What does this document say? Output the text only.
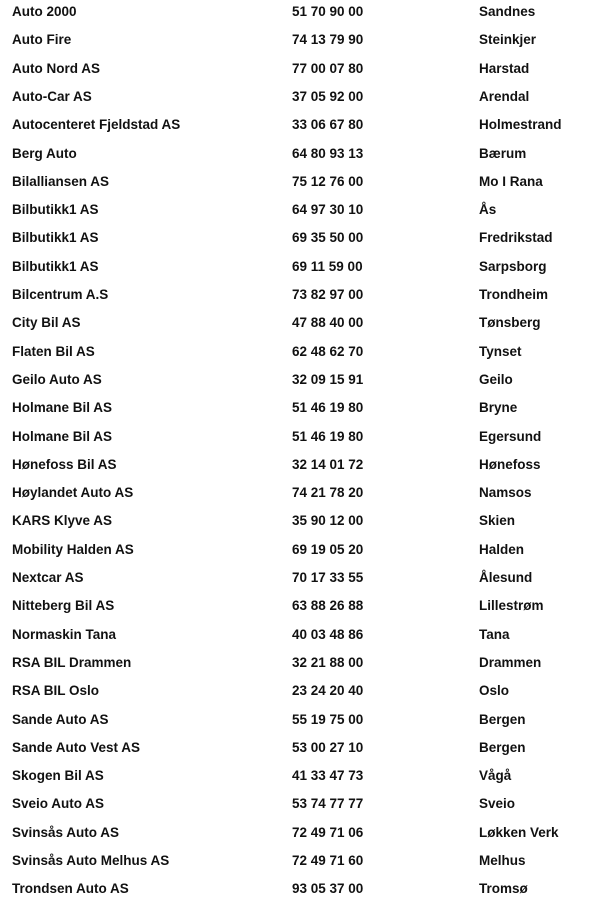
Auto 2000	51 70 90 00	Sandnes
Auto Fire	74 13 79 90	Steinkjer
Auto Nord AS	77 00 07 80	Harstad
Auto-Car AS	37 05 92 00	Arendal
Autocenteret Fjeldstad AS	33 06 67 80	Holmestrand
Berg Auto	64 80 93 13	Bærum
Bilalliansen AS	75 12 76 00	Mo I Rana
Bilbutikk1 AS	64 97 30 10	Ås
Bilbutikk1 AS	69 35 50 00	Fredrikstad
Bilbutikk1 AS	69 11 59 00	Sarpsborg
Bilcentrum A.S	73 82 97 00	Trondheim
City Bil AS	47 88 40 00	Tønsberg
Flaten Bil AS	62 48 62 70	Tynset
Geilo Auto AS	32 09 15 91	Geilo
Holmane Bil AS	51 46 19 80	Bryne
Holmane Bil AS	51 46 19 80	Egersund
Hønefoss Bil AS	32 14 01 72	Hønefoss
Høylandet Auto AS	74 21 78 20	Namsos
KARS Klyve AS	35 90 12 00	Skien
Mobility Halden AS	69 19 05 20	Halden
Nextcar AS	70 17 33 55	Ålesund
Nitteberg Bil AS	63 88 26 88	Lillestrøm
Normaskin Tana	40 03 48 86	Tana
RSA BIL Drammen	32 21 88 00	Drammen
RSA BIL Oslo	23 24 20 40	Oslo
Sande Auto AS	55 19 75 00	Bergen
Sande Auto Vest AS	53 00 27 10	Bergen
Skogen Bil AS	41 33 47 73	Vågå
Sveio Auto AS	53 74 77 77	Sveio
Svinsås Auto AS	72 49 71 06	Løkken Verk
Svinsås Auto Melhus AS	72 49 71 60	Melhus
Trondsen Auto AS	93 05 37 00	Tromsø
